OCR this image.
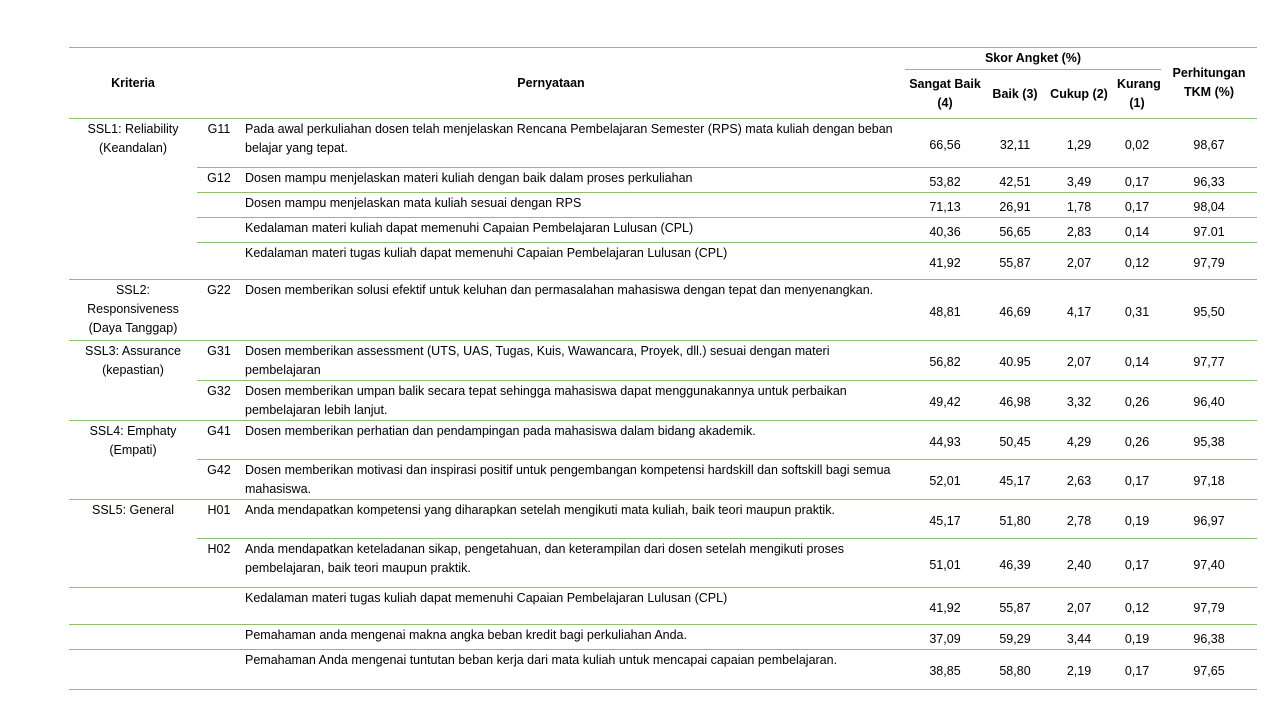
Kriteria	Pernyataan		Skor Angket (%)				Perhitungan TKM (%)
			Sangat Baik (4)	Baik (3)	Cukup (2)	Kurang (1)	
SSL1: Reliability (Keandalan)	G11	Pada awal perkuliahan dosen telah menjelaskan Rencana Pembelajaran Semester (RPS) mata kuliah dengan beban belajar yang tepat.	66,56	32,11	1,29	0,02	98,67
	G12	Dosen mampu menjelaskan materi kuliah dengan baik dalam proses perkuliahan	53,82	42,51	3,49	0,17	96,33
		Dosen mampu menjelaskan mata kuliah sesuai dengan RPS	71,13	26,91	1,78	0,17	98,04
		Kedalaman materi kuliah dapat memenuhi Capaian Pembelajaran Lulusan (CPL)	40,36	56,65	2,83	0,14	97.01
		Kedalaman materi tugas kuliah dapat memenuhi Capaian Pembelajaran Lulusan (CPL)	41,92	55,87	2,07	0,12	97,79
SSL2: Responsiveness (Daya Tanggap)	G22	Dosen memberikan solusi efektif untuk keluhan dan permasalahan mahasiswa dengan tepat dan menyenangkan.	48,81	46,69	4,17	0,31	95,50
SSL3: Assurance (kepastian)	G31	Dosen memberikan assessment (UTS, UAS, Tugas, Kuis, Wawancara, Proyek, dll.) sesuai dengan materi pembelajaran	56,82	40.95	2,07	0,14	97,77
	G32	Dosen memberikan umpan balik secara tepat sehingga mahasiswa dapat menggunakannya untuk perbaikan pembelajaran lebih lanjut.	49,42	46,98	3,32	0,26	96,40
SSL4: Emphaty (Empati)	G41	Dosen memberikan perhatian dan pendampingan pada mahasiswa dalam bidang akademik.	44,93	50,45	4,29	0,26	95,38
	G42	Dosen memberikan motivasi dan inspirasi positif untuk pengembangan kompetensi hardskill dan softskill bagi semua mahasiswa.	52,01	45,17	2,63	0,17	97,18
SSL5: General	H01	Anda mendapatkan kompetensi yang diharapkan setelah mengikuti mata kuliah, baik teori maupun praktik.	45,17	51,80	2,78	0,19	96,97
	H02	Anda mendapatkan keteladanan sikap, pengetahuan, dan keterampilan dari dosen setelah mengikuti proses pembelajaran, baik teori maupun praktik.	51,01	46,39	2,40	0,17	97,40
		Kedalaman materi tugas kuliah dapat memenuhi Capaian Pembelajaran Lulusan (CPL)	41,92	55,87	2,07	0,12	97,79
		Pemahaman anda mengenai makna angka beban kredit bagi perkuliahan Anda.	37,09	59,29	3,44	0,19	96,38
		Pemahaman Anda mengenai tuntutan beban kerja dari mata kuliah untuk mencapai capaian pembelajaran.	38,85	58,80	2,19	0,17	97,65
